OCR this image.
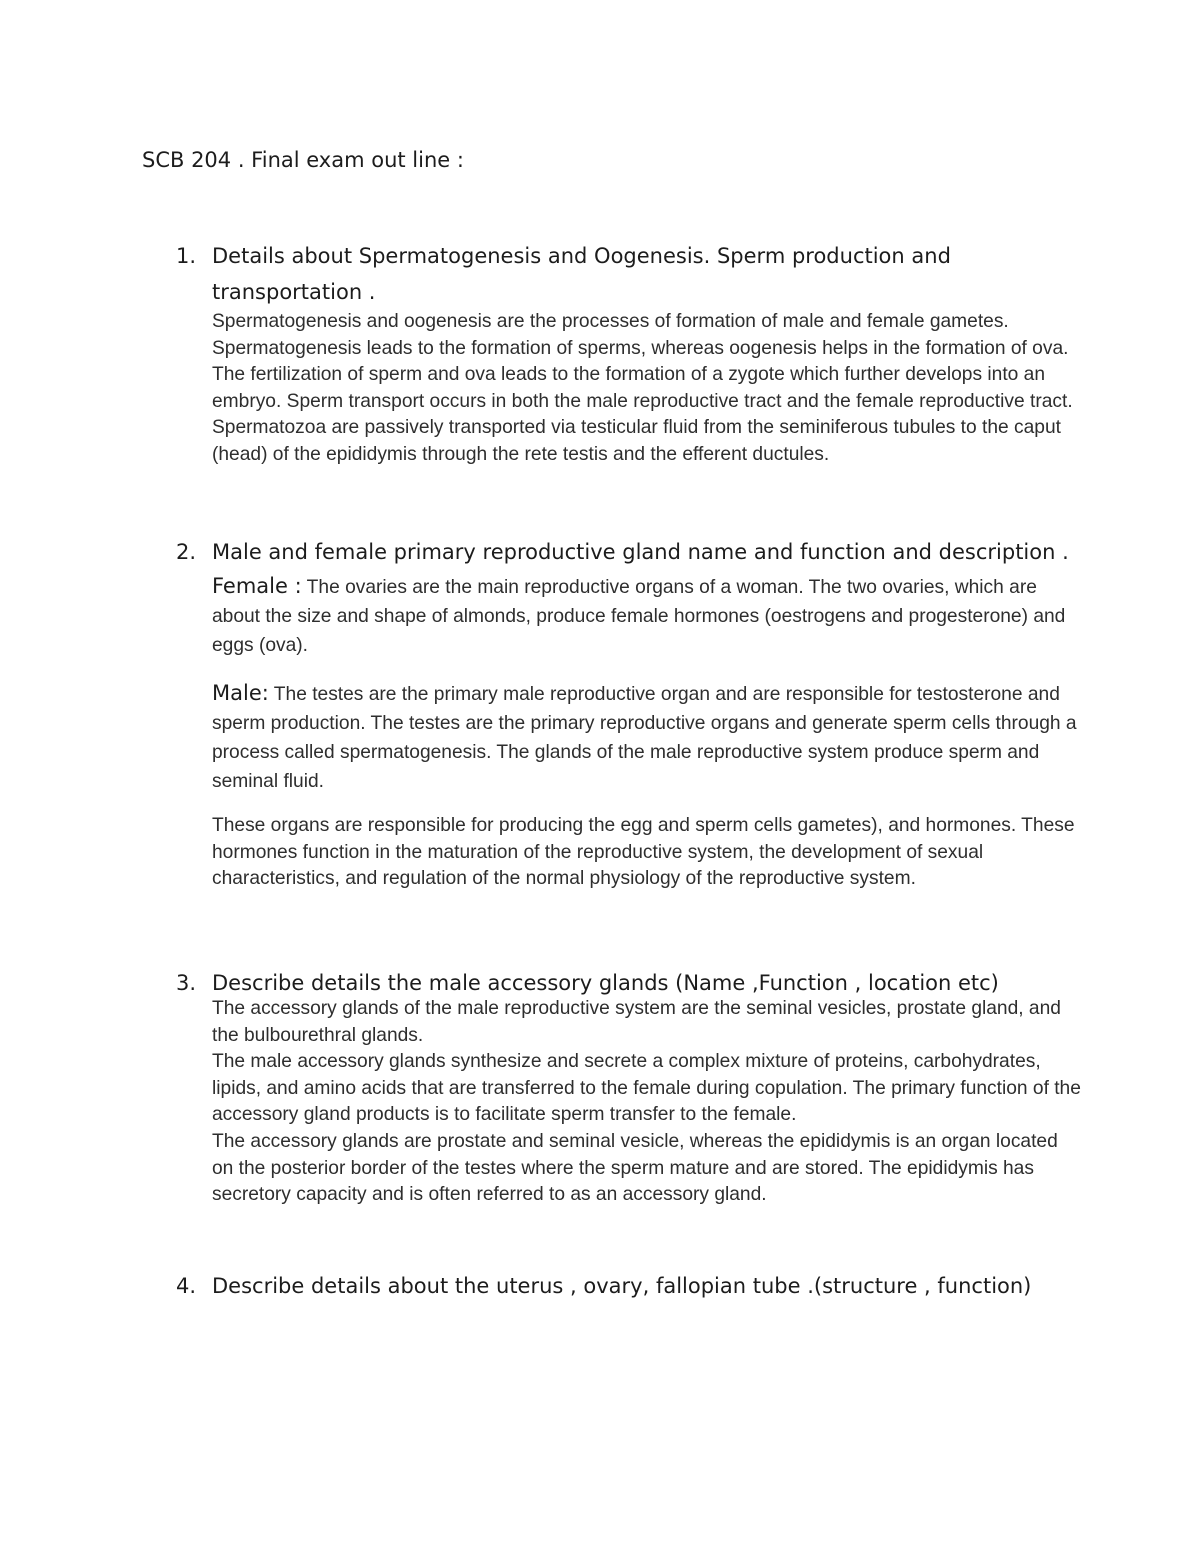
SCB 204 . Final exam out line :
1. Details about Spermatogenesis and Oogenesis. Sperm production and transportation .

Spermatogenesis and oogenesis are the processes of formation of male and female gametes. Spermatogenesis leads to the formation of sperms, whereas oogenesis helps in the formation of ova. The fertilization of sperm and ova leads to the formation of a zygote which further develops into an embryo. Sperm transport occurs in both the male reproductive tract and the female reproductive tract. Spermatozoa are passively transported via testicular fluid from the seminiferous tubules to the caput (head) of the epididymis through the rete testis and the efferent ductules.

2. Male and female primary reproductive gland name and function and description .

Female : The ovaries are the main reproductive organs of a woman. The two ovaries, which are about the size and shape of almonds, produce female hormones (oestrogens and progesterone) and eggs (ova).

Male: The testes are the primary male reproductive organ and are responsible for testosterone and sperm production. The testes are the primary reproductive organs and generate sperm cells through a process called spermatogenesis. The glands of the male reproductive system produce sperm and seminal fluid.

These organs are responsible for producing the egg and sperm cells gametes), and hormones. These hormones function in the maturation of the reproductive system, the development of sexual characteristics, and regulation of the normal physiology of the reproductive system.

3. Describe details the male accessory glands (Name ,Function , location etc)

The accessory glands of the male reproductive system are the seminal vesicles, prostate gland, and the bulbourethral glands.

The male accessory glands synthesize and secrete a complex mixture of proteins, carbohydrates, lipids, and amino acids that are transferred to the female during copulation. The primary function of the accessory gland products is to facilitate sperm transfer to the female.

The accessory glands are prostate and seminal vesicle, whereas the epididymis is an organ located on the posterior border of the testes where the sperm mature and are stored. The epididymis has secretory capacity and is often referred to as an accessory gland.

4. Describe details about the uterus , ovary, fallopian tube .(structure , function)
